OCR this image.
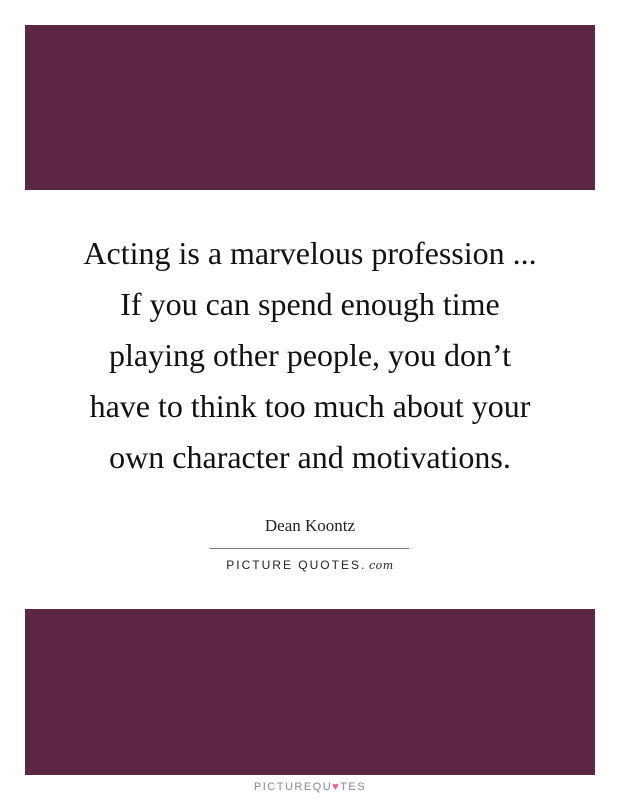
Acting is a marvelous profession ...
If you can spend enough time
playing other people, you don’t
have to think too much about your
own character and motivations.
Dean Koontz
PICTURE QUOTES. com
PICTUREQU♥TES
